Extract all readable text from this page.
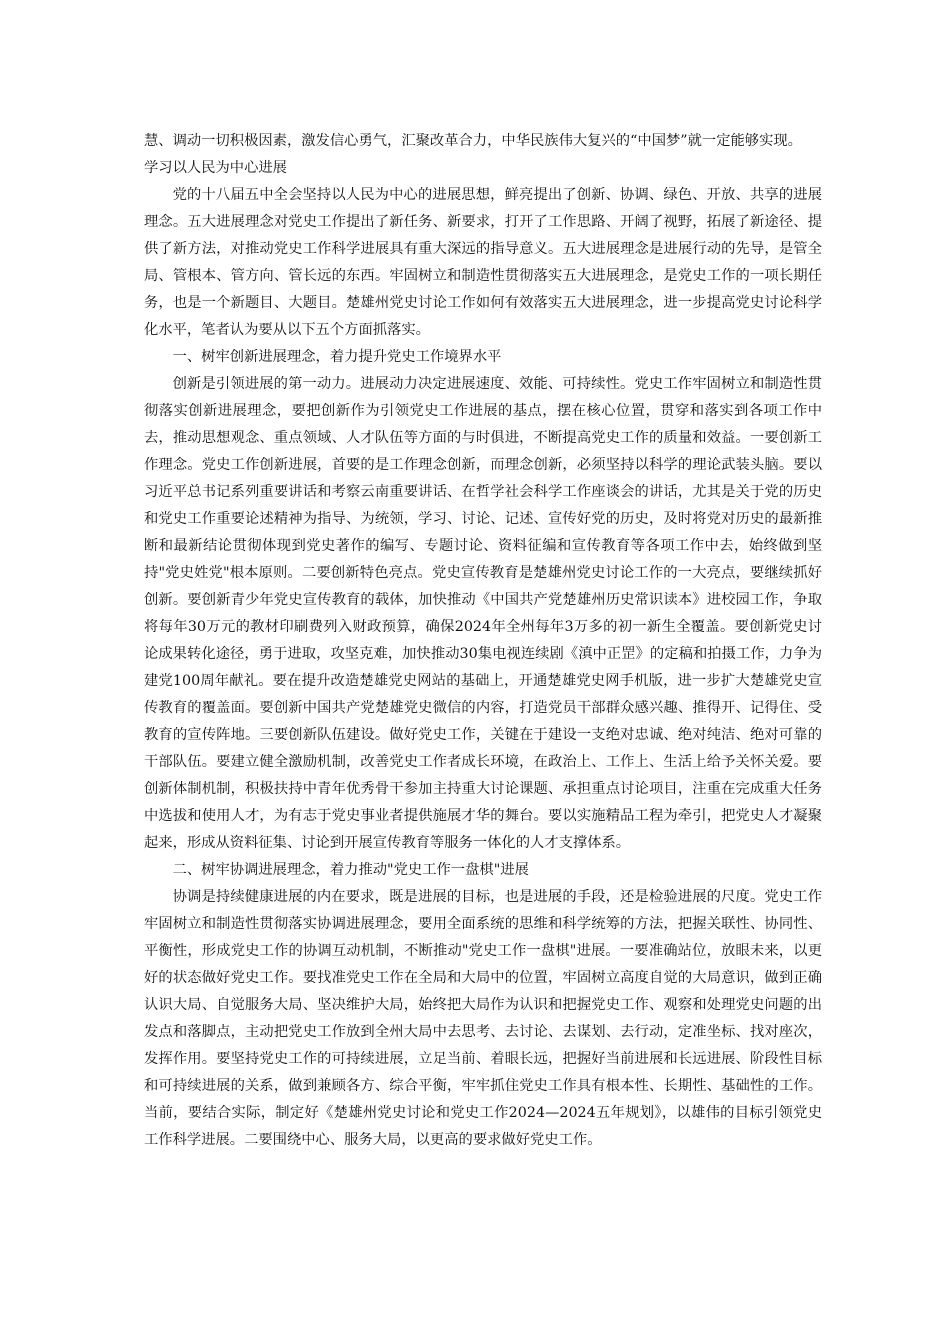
慧、调动一切积极因素，激发信心勇气，汇聚改革合力，中华民族伟大复兴的“中国梦”就一定能够实现。

学习以人民为中心进展

党的十八届五中全会坚持以人民为中心的进展思想，鲜亮提出了创新、协调、绿色、开放、共享的进展理念。五大进展理念对党史工作提出了新任务、新要求，打开了工作思路、开阔了视野，拓展了新途径、提供了新方法，对推动党史工作科学进展具有重大深远的指导意义。五大进展理念是进展行动的先导，是管全局、管根本、管方向、管长远的东西。牢固树立和制造性贯彻落实五大进展理念，是党史工作的一项长期任务，也是一个新题目、大题目。楚雄州党史讨论工作如何有效落实五大进展理念，进一步提高党史讨论科学化水平，笔者认为要从以下五个方面抓落实。

一、树牢创新进展理念，着力提升党史工作境界水平

创新是引领进展的第一动力。进展动力决定进展速度、效能、可持续性。党史工作牢固树立和制造性贯彻落实创新进展理念，要把创新作为引领党史工作进展的基点，摆在核心位置，贯穿和落实到各项工作中去，推动思想观念、重点领域、人才队伍等方面的与时俱进，不断提高党史工作的质量和效益。一要创新工作理念。党史工作创新进展，首要的是工作理念创新，而理念创新，必须坚持以科学的理论武装头脑。要以习近平总书记系列重要讲话和考察云南重要讲话、在哲学社会科学工作座谈会的讲话，尤其是关于党的历史和党史工作重要论述精神为指导、为统领，学习、讨论、记述、宣传好党的历史，及时将党对历史的最新推断和最新结论贯彻体现到党史著作的编写、专题讨论、资料征编和宣传教育等各项工作中去，始终做到坚持"党史姓党"根本原则。二要创新特色亮点。党史宣传教育是楚雄州党史讨论工作的一大亮点，要继续抓好创新。要创新青少年党史宣传教育的载体，加快推动《中国共产党楚雄州历史常识读本》进校园工作，争取将每年30万元的教材印刷费列入财政预算，确保2024年全州每年3万多的初一新生全覆盖。要创新党史讨论成果转化途径，勇于进取，攻坚克难，加快推动30集电视连续剧《滇中正罡》的定稿和拍摄工作，力争为建党100周年献礼。要在提升改造楚雄党史网站的基础上，开通楚雄党史网手机版，进一步扩大楚雄党史宣传教育的覆盖面。要创新中国共产党楚雄党史微信的内容，打造党员干部群众感兴趣、推得开、记得住、受教育的宣传阵地。三要创新队伍建设。做好党史工作，关键在于建设一支绝对忠诚、绝对纯洁、绝对可靠的干部队伍。要建立健全激励机制，改善党史工作者成长环境，在政治上、工作上、生活上给予关怀关爱。要创新体制机制，积极扶持中青年优秀骨干参加主持重大讨论课题、承担重点讨论项目，注重在完成重大任务中选拔和使用人才，为有志于党史事业者提供施展才华的舞台。要以实施精品工程为牵引，把党史人才凝聚起来，形成从资料征集、讨论到开展宣传教育等服务一体化的人才支撑体系。

二、树牢协调进展理念，着力推动"党史工作一盘棋"进展

协调是持续健康进展的内在要求，既是进展的目标，也是进展的手段，还是检验进展的尺度。党史工作牢固树立和制造性贯彻落实协调进展理念，要用全面系统的思维和科学统筹的方法，把握关联性、协同性、平衡性，形成党史工作的协调互动机制，不断推动"党史工作一盘棋"进展。一要准确站位，放眼未来，以更好的状态做好党史工作。要找准党史工作在全局和大局中的位置，牢固树立高度自觉的大局意识，做到正确认识大局、自觉服务大局、坚决维护大局，始终把大局作为认识和把握党史工作、观察和处理党史问题的出发点和落脚点，主动把党史工作放到全州大局中去思考、去讨论、去谋划、去行动，定准坐标、找对座次，发挥作用。要坚持党史工作的可持续进展，立足当前、着眼长远，把握好当前进展和长远进展、阶段性目标和可持续进展的关系，做到兼顾各方、综合平衡，牢牢抓住党史工作具有根本性、长期性、基础性的工作。当前，要结合实际，制定好《楚雄州党史讨论和党史工作2024—2024五年规划》，以雄伟的目标引领党史工作科学进展。二要围绕中心、服务大局，以更高的要求做好党史工作。
